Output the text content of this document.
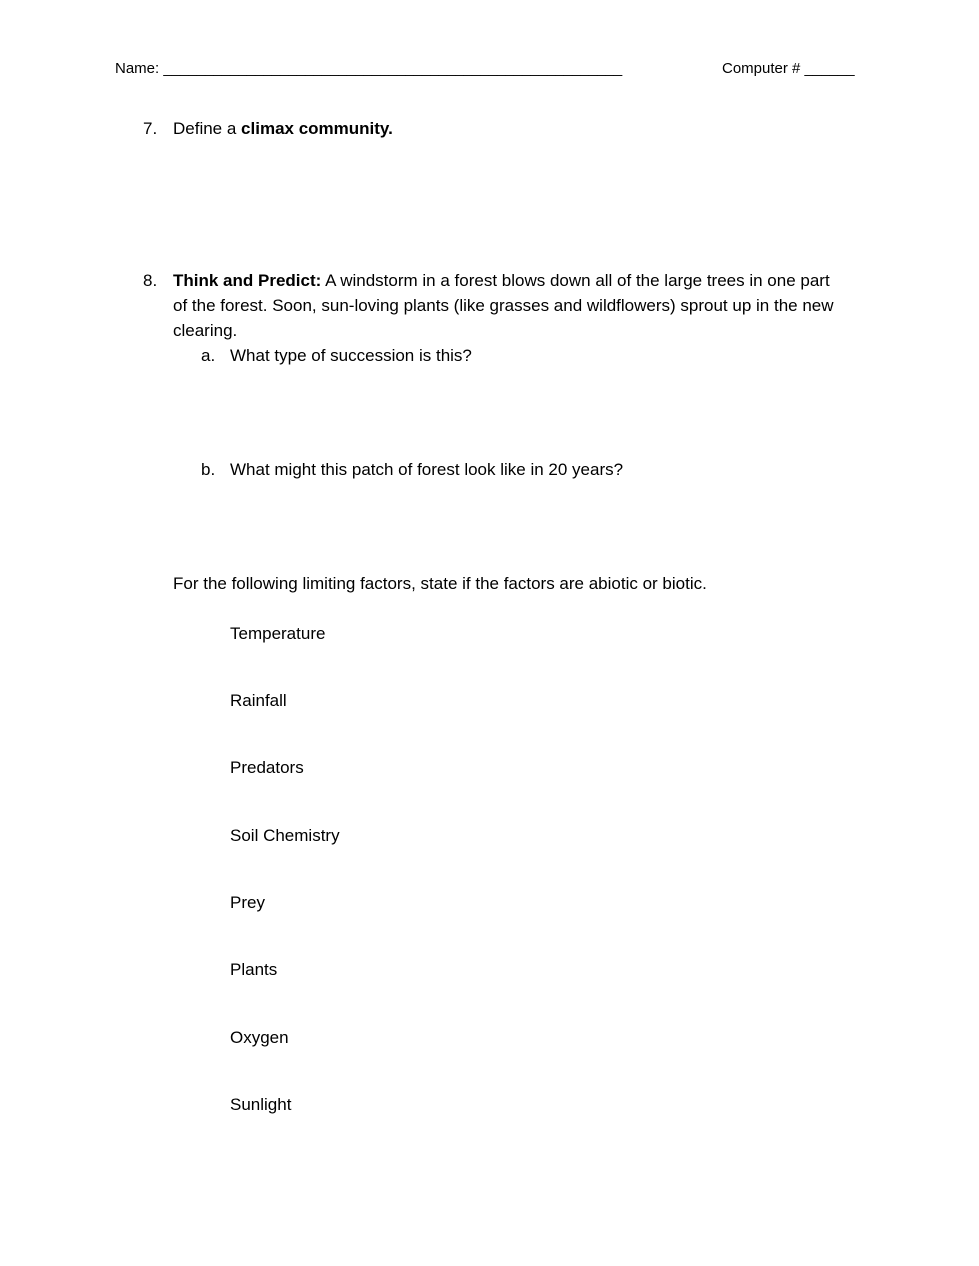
Name: _______________________________________________________	Computer # ______
7. Define a climax community.
8. Think and Predict: A windstorm in a forest blows down all of the large trees in one part
of the forest. Soon, sun-loving plants (like grasses and wildflowers) sprout up in the new
clearing.
a. What type of succession is this?
b. What might this patch of forest look like in 20 years?
For the following limiting factors, state if the factors are abiotic or biotic.
Temperature
Rainfall
Predators
Soil Chemistry
Prey
Plants
Oxygen
Sunlight
